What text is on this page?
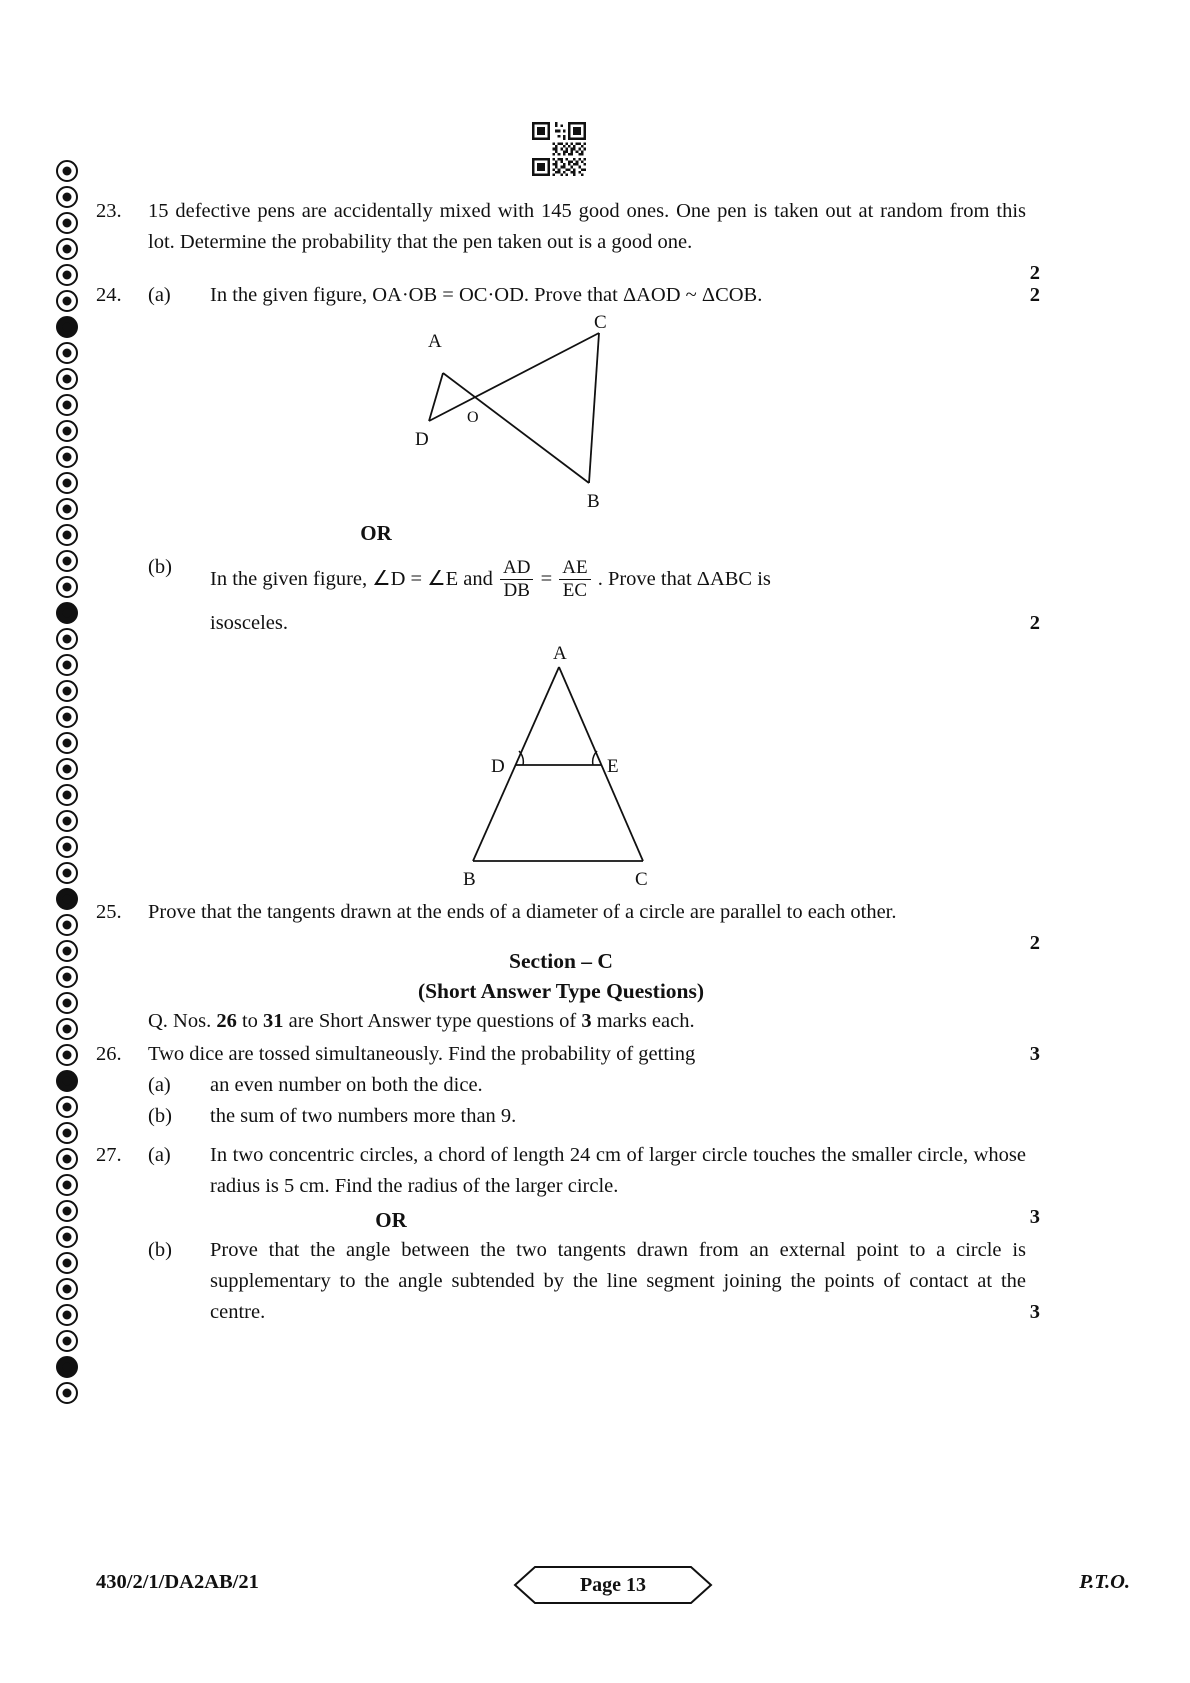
23.	15 defective pens are accidentally mixed with 145 good ones. One pen is taken out at random from this lot. Determine the probability that the pen taken out is a good one.
2
24.	(a)	In the given figure, OA·OB = OC·OD. Prove that ΔAOD ~ ΔCOB.	2
A
B
C
D
O
OR
(b)
In the given figure, ∠D = ∠E and $\frac{AD}{DB} = \frac{AE}{EC}$ . Prove that ΔABC is
isosceles.	2
A
B	C
D	E
25.	Prove that the tangents drawn at the ends of a diameter of a circle are parallel to each other.
2
Section – C
(Short Answer Type Questions)
Q. Nos. 26 to 31 are Short Answer type questions of 3 marks each.
26.	Two dice are tossed simultaneously. Find the probability of getting	3
(a)	an even number on both the dice.
(b)	the sum of two numbers more than 9.
27.	(a)	In two concentric circles, a chord of length 24 cm of larger circle touches the smaller circle, whose radius is 5 cm. Find the radius of the larger circle.
3
OR
(b)	Prove that the angle between the two tangents drawn from an external point to a circle is supplementary to the angle subtended by the line segment joining the points of contact at the centre.	3
430/2/1/DA2AB/21	Page 13	P.T.O.
